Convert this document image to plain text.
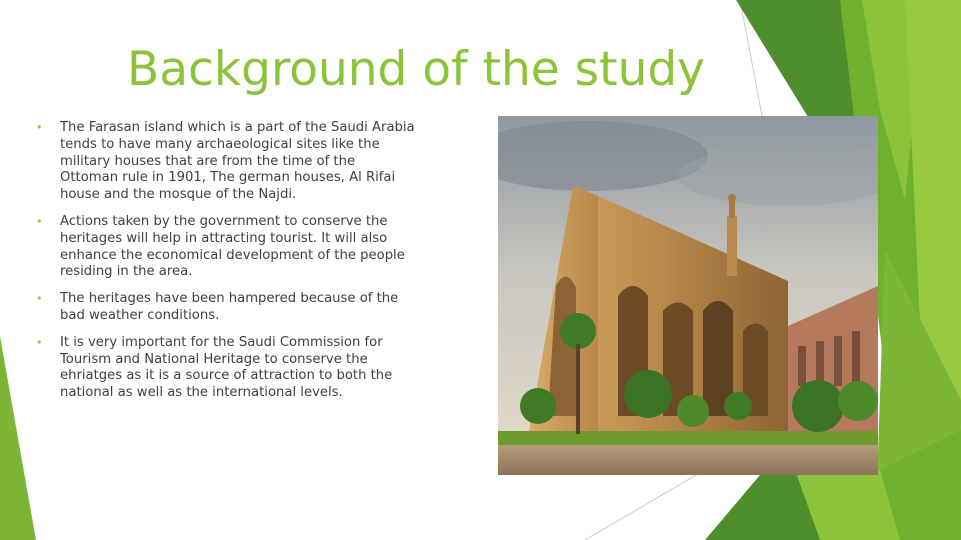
Background of the study
• The Farasan island which is a part of the Saudi Arabia tends to have many archaeological sites like the military houses that are from the time of the Ottoman rule in 1901, The german houses, Al Rifai house and the mosque of the Najdi.
• Actions taken by the government to conserve the heritages will help in attracting tourist. It will also enhance the economical development of the people residing in the area.
• The heritages have been hampered because of the bad weather conditions.
• It is very important for the Saudi Commission for Tourism and National Heritage to conserve the ehriatges as it is a source of attraction to both the national as well as the international levels.
